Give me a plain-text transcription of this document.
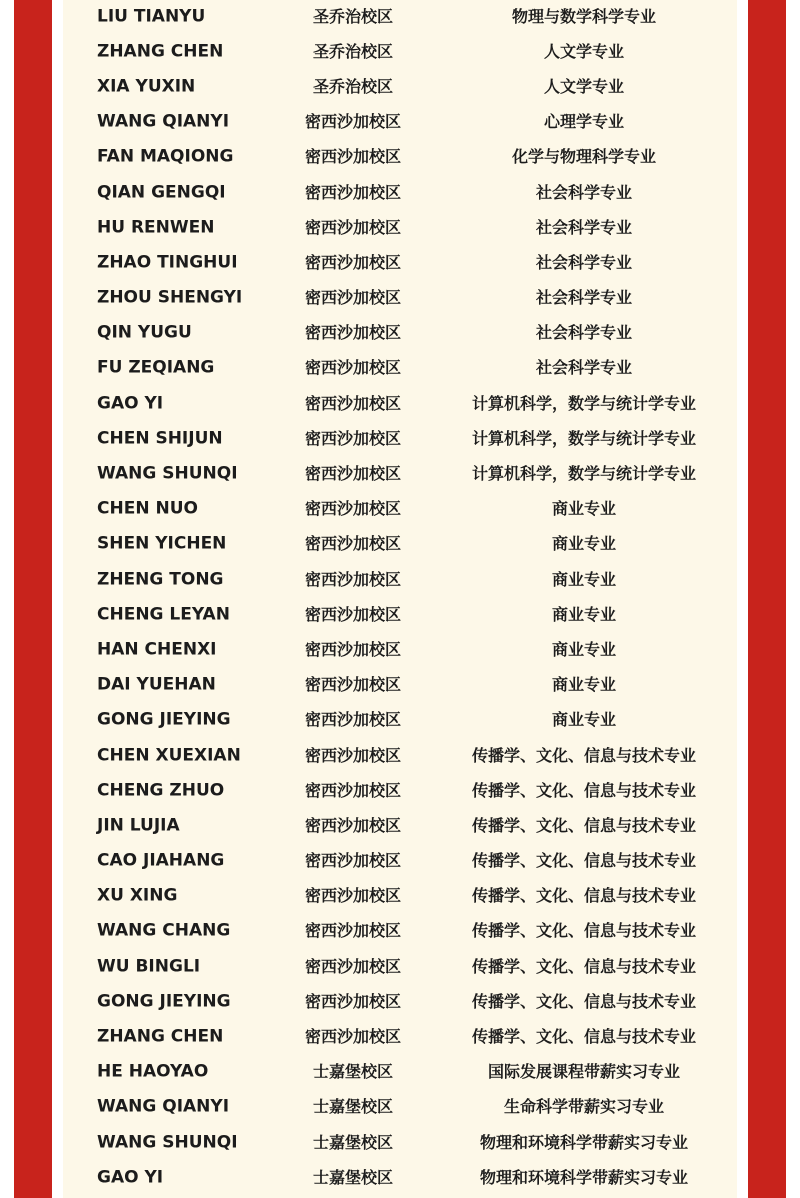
LIU TIANYU	圣乔治校区	物理与数学科学专业
ZHANG CHEN	圣乔治校区	人文学专业
XIA YUXIN	圣乔治校区	人文学专业
WANG QIANYI	密西沙加校区	心理学专业
FAN MAQIONG	密西沙加校区	化学与物理科学专业
QIAN GENGQI	密西沙加校区	社会科学专业
HU RENWEN	密西沙加校区	社会科学专业
ZHAO TINGHUI	密西沙加校区	社会科学专业
ZHOU SHENGYI	密西沙加校区	社会科学专业
QIN YUGU	密西沙加校区	社会科学专业
FU ZEQIANG	密西沙加校区	社会科学专业
GAO YI	密西沙加校区	计算机科学，数学与统计学专业
CHEN SHIJUN	密西沙加校区	计算机科学，数学与统计学专业
WANG SHUNQI	密西沙加校区	计算机科学，数学与统计学专业
CHEN NUO	密西沙加校区	商业专业
SHEN YICHEN	密西沙加校区	商业专业
ZHENG TONG	密西沙加校区	商业专业
CHENG LEYAN	密西沙加校区	商业专业
HAN CHENXI	密西沙加校区	商业专业
DAI YUEHAN	密西沙加校区	商业专业
GONG JIEYING	密西沙加校区	商业专业
CHEN XUEXIAN	密西沙加校区	传播学、文化、信息与技术专业
CHENG ZHUO	密西沙加校区	传播学、文化、信息与技术专业
JIN LUJIA	密西沙加校区	传播学、文化、信息与技术专业
CAO JIAHANG	密西沙加校区	传播学、文化、信息与技术专业
XU XING	密西沙加校区	传播学、文化、信息与技术专业
WANG CHANG	密西沙加校区	传播学、文化、信息与技术专业
WU BINGLI	密西沙加校区	传播学、文化、信息与技术专业
GONG JIEYING	密西沙加校区	传播学、文化、信息与技术专业
ZHANG CHEN	密西沙加校区	传播学、文化、信息与技术专业
HE HAOYAO	士嘉堡校区	国际发展课程带薪实习专业
WANG QIANYI	士嘉堡校区	生命科学带薪实习专业
WANG SHUNQI	士嘉堡校区	物理和环境科学带薪实习专业
GAO YI	士嘉堡校区	物理和环境科学带薪实习专业
